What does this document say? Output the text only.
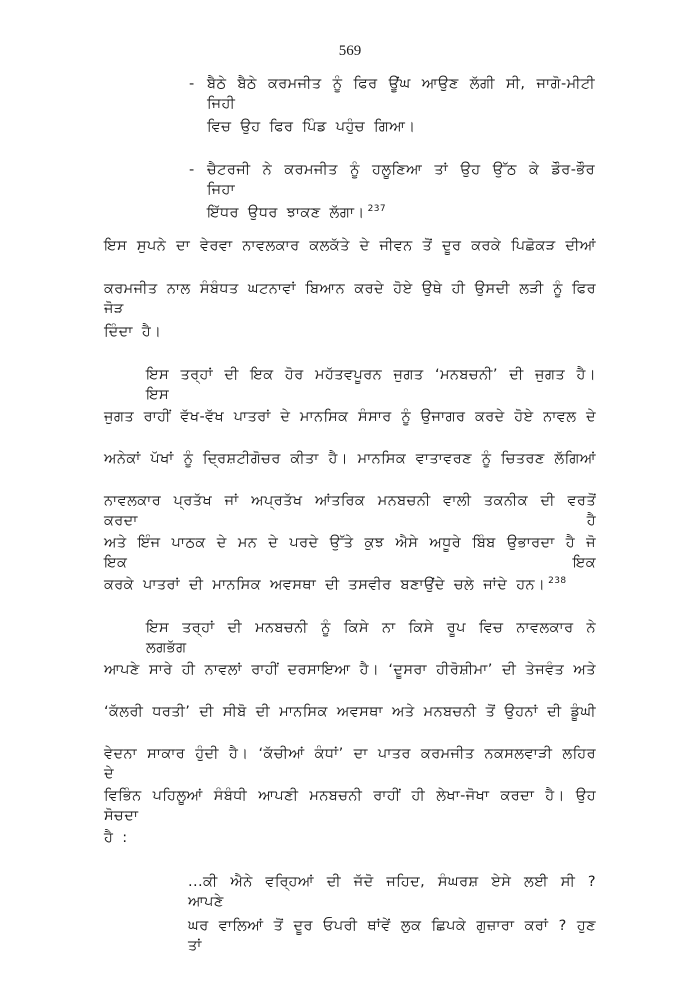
569
- ਬੈਠੇ ਬੈਠੇ ਕਰਮਜੀਤ ਨੂੰ ਫਿਰ ਊਂਘ ਆਉਣ ਲੱਗੀ ਸੀ, ਜਾਗੋ-ਮੀਟੀ ਜਿਹੀ
ਵਿਚ ਉਹ ਫਿਰ ਪਿੰਡ ਪਹੁੰਚ ਗਿਆ।
- ਚੈਟਰਜੀ ਨੇ ਕਰਮਜੀਤ ਨੂੰ ਹਲੂਣਿਆ ਤਾਂ ਉਹ ਉੱਠ ਕੇ ਡੌਰ-ਭੌਰ ਜਿਹਾ
ਇੱਧਰ ਉਧਰ ਝਾਕਣ ਲੱਗਾ। $^{237}$
ਇਸ ਸੁਪਨੇ ਦਾ ਵੇਰਵਾ ਨਾਵਲਕਾਰ ਕਲਕੱਤੇ ਦੇ ਜੀਵਨ ਤੋਂ ਦੂਰ ਕਰਕੇ ਪਿਛੋਕੜ ਦੀਆਂ
ਕਰਮਜੀਤ ਨਾਲ ਸੰਬੰਧਤ ਘਟਨਾਵਾਂ ਬਿਆਨ ਕਰਦੇ ਹੋਏ ਉਥੇ ਹੀ ਉਸਦੀ ਲੜੀ ਨੂੰ ਫਿਰ ਜੋੜ
ਦਿੰਦਾ ਹੈ।
ਇਸ ਤਰ੍ਹਾਂ ਦੀ ਇਕ ਹੋਰ ਮਹੱਤਵਪੂਰਨ ਜੁਗਤ ‘ਮਨਬਚਨੀ’ ਦੀ ਜੁਗਤ ਹੈ। ਇਸ
ਜੁਗਤ ਰਾਹੀਂ ਵੱਖ-ਵੱਖ ਪਾਤਰਾਂ ਦੇ ਮਾਨਸਿਕ ਸੰਸਾਰ ਨੂੰ ਉਜਾਗਰ ਕਰਦੇ ਹੋਏ ਨਾਵਲ ਦੇ
ਅਨੇਕਾਂ ਪੱਖਾਂ ਨੂੰ ਦ੍ਰਿਸ਼ਟੀਗੋਚਰ ਕੀਤਾ ਹੈ। ਮਾਨਸਿਕ ਵਾਤਾਵਰਣ ਨੂੰ ਚਿਤਰਣ ਲੱਗਿਆਂ
ਨਾਵਲਕਾਰ ਪ੍ਰਤੱਖ ਜਾਂ ਅਪ੍ਰਤੱਖ ਆਂਤਰਿਕ ਮਨਬਚਨੀ ਵਾਲੀ ਤਕਨੀਕ ਦੀ ਵਰਤੋਂ ਕਰਦਾ ਹੈ
ਅਤੇ ਇੰਜ ਪਾਠਕ ਦੇ ਮਨ ਦੇ ਪਰਦੇ ਉੱਤੇ ਕੁਝ ਐਸੇ ਅਧੂਰੇ ਬਿੰਬ ਉਭਾਰਦਾ ਹੈ ਜੋ ਇਕ ਇਕ
ਕਰਕੇ ਪਾਤਰਾਂ ਦੀ ਮਾਨਸਿਕ ਅਵਸਥਾ ਦੀ ਤਸਵੀਰ ਬਣਾਉਂਦੇ ਚਲੇ ਜਾਂਦੇ ਹਨ। $^{238}$
ਇਸ ਤਰ੍ਹਾਂ ਦੀ ਮਨਬਚਨੀ ਨੂੰ ਕਿਸੇ ਨਾ ਕਿਸੇ ਰੂਪ ਵਿਚ ਨਾਵਲਕਾਰ ਨੇ ਲਗਭੱਗ
ਆਪਣੇ ਸਾਰੇ ਹੀ ਨਾਵਲਾਂ ਰਾਹੀਂ ਦਰਸਾਇਆ ਹੈ। ‘ਦੂਸਰਾ ਹੀਰੋਸ਼ੀਮਾ’ ਦੀ ਤੇਜਵੰਤ ਅਤੇ
‘ਕੱਲਰੀ ਧਰਤੀ’ ਦੀ ਸੀਬੋ ਦੀ ਮਾਨਸਿਕ ਅਵਸਥਾ ਅਤੇ ਮਨਬਚਨੀ ਤੋਂ ਉਹਨਾਂ ਦੀ ਡੂੰਘੀ
ਵੇਦਨਾ ਸਾਕਾਰ ਹੁੰਦੀ ਹੈ। ‘ਕੱਚੀਆਂ ਕੰਧਾਂ’ ਦਾ ਪਾਤਰ ਕਰਮਜੀਤ ਨਕਸਲਵਾੜੀ ਲਹਿਰ ਦੇ
ਵਿਭਿੰਨ ਪਹਿਲੂਆਂ ਸੰਬੰਧੀ ਆਪਣੀ ਮਨਬਚਨੀ ਰਾਹੀਂ ਹੀ ਲੇਖਾ-ਜੋਖਾ ਕਰਦਾ ਹੈ। ਉਹ ਸੋਚਦਾ
ਹੈ :
...ਕੀ ਐਨੇ ਵਰ੍ਹਿਆਂ ਦੀ ਜੱਦੋ ਜਹਿਦ, ਸੰਘਰਸ਼ ਏਸੇ ਲਈ ਸੀ ? ਆਪਣੇ
ਘਰ ਵਾਲਿਆਂ ਤੋਂ ਦੂਰ ਓਪਰੀ ਥਾਂਵੇਂ ਲੁਕ ਛਿਪਕੇ ਗੁਜ਼ਾਰਾ ਕਰਾਂ ? ਹੁਣ ਤਾਂ
